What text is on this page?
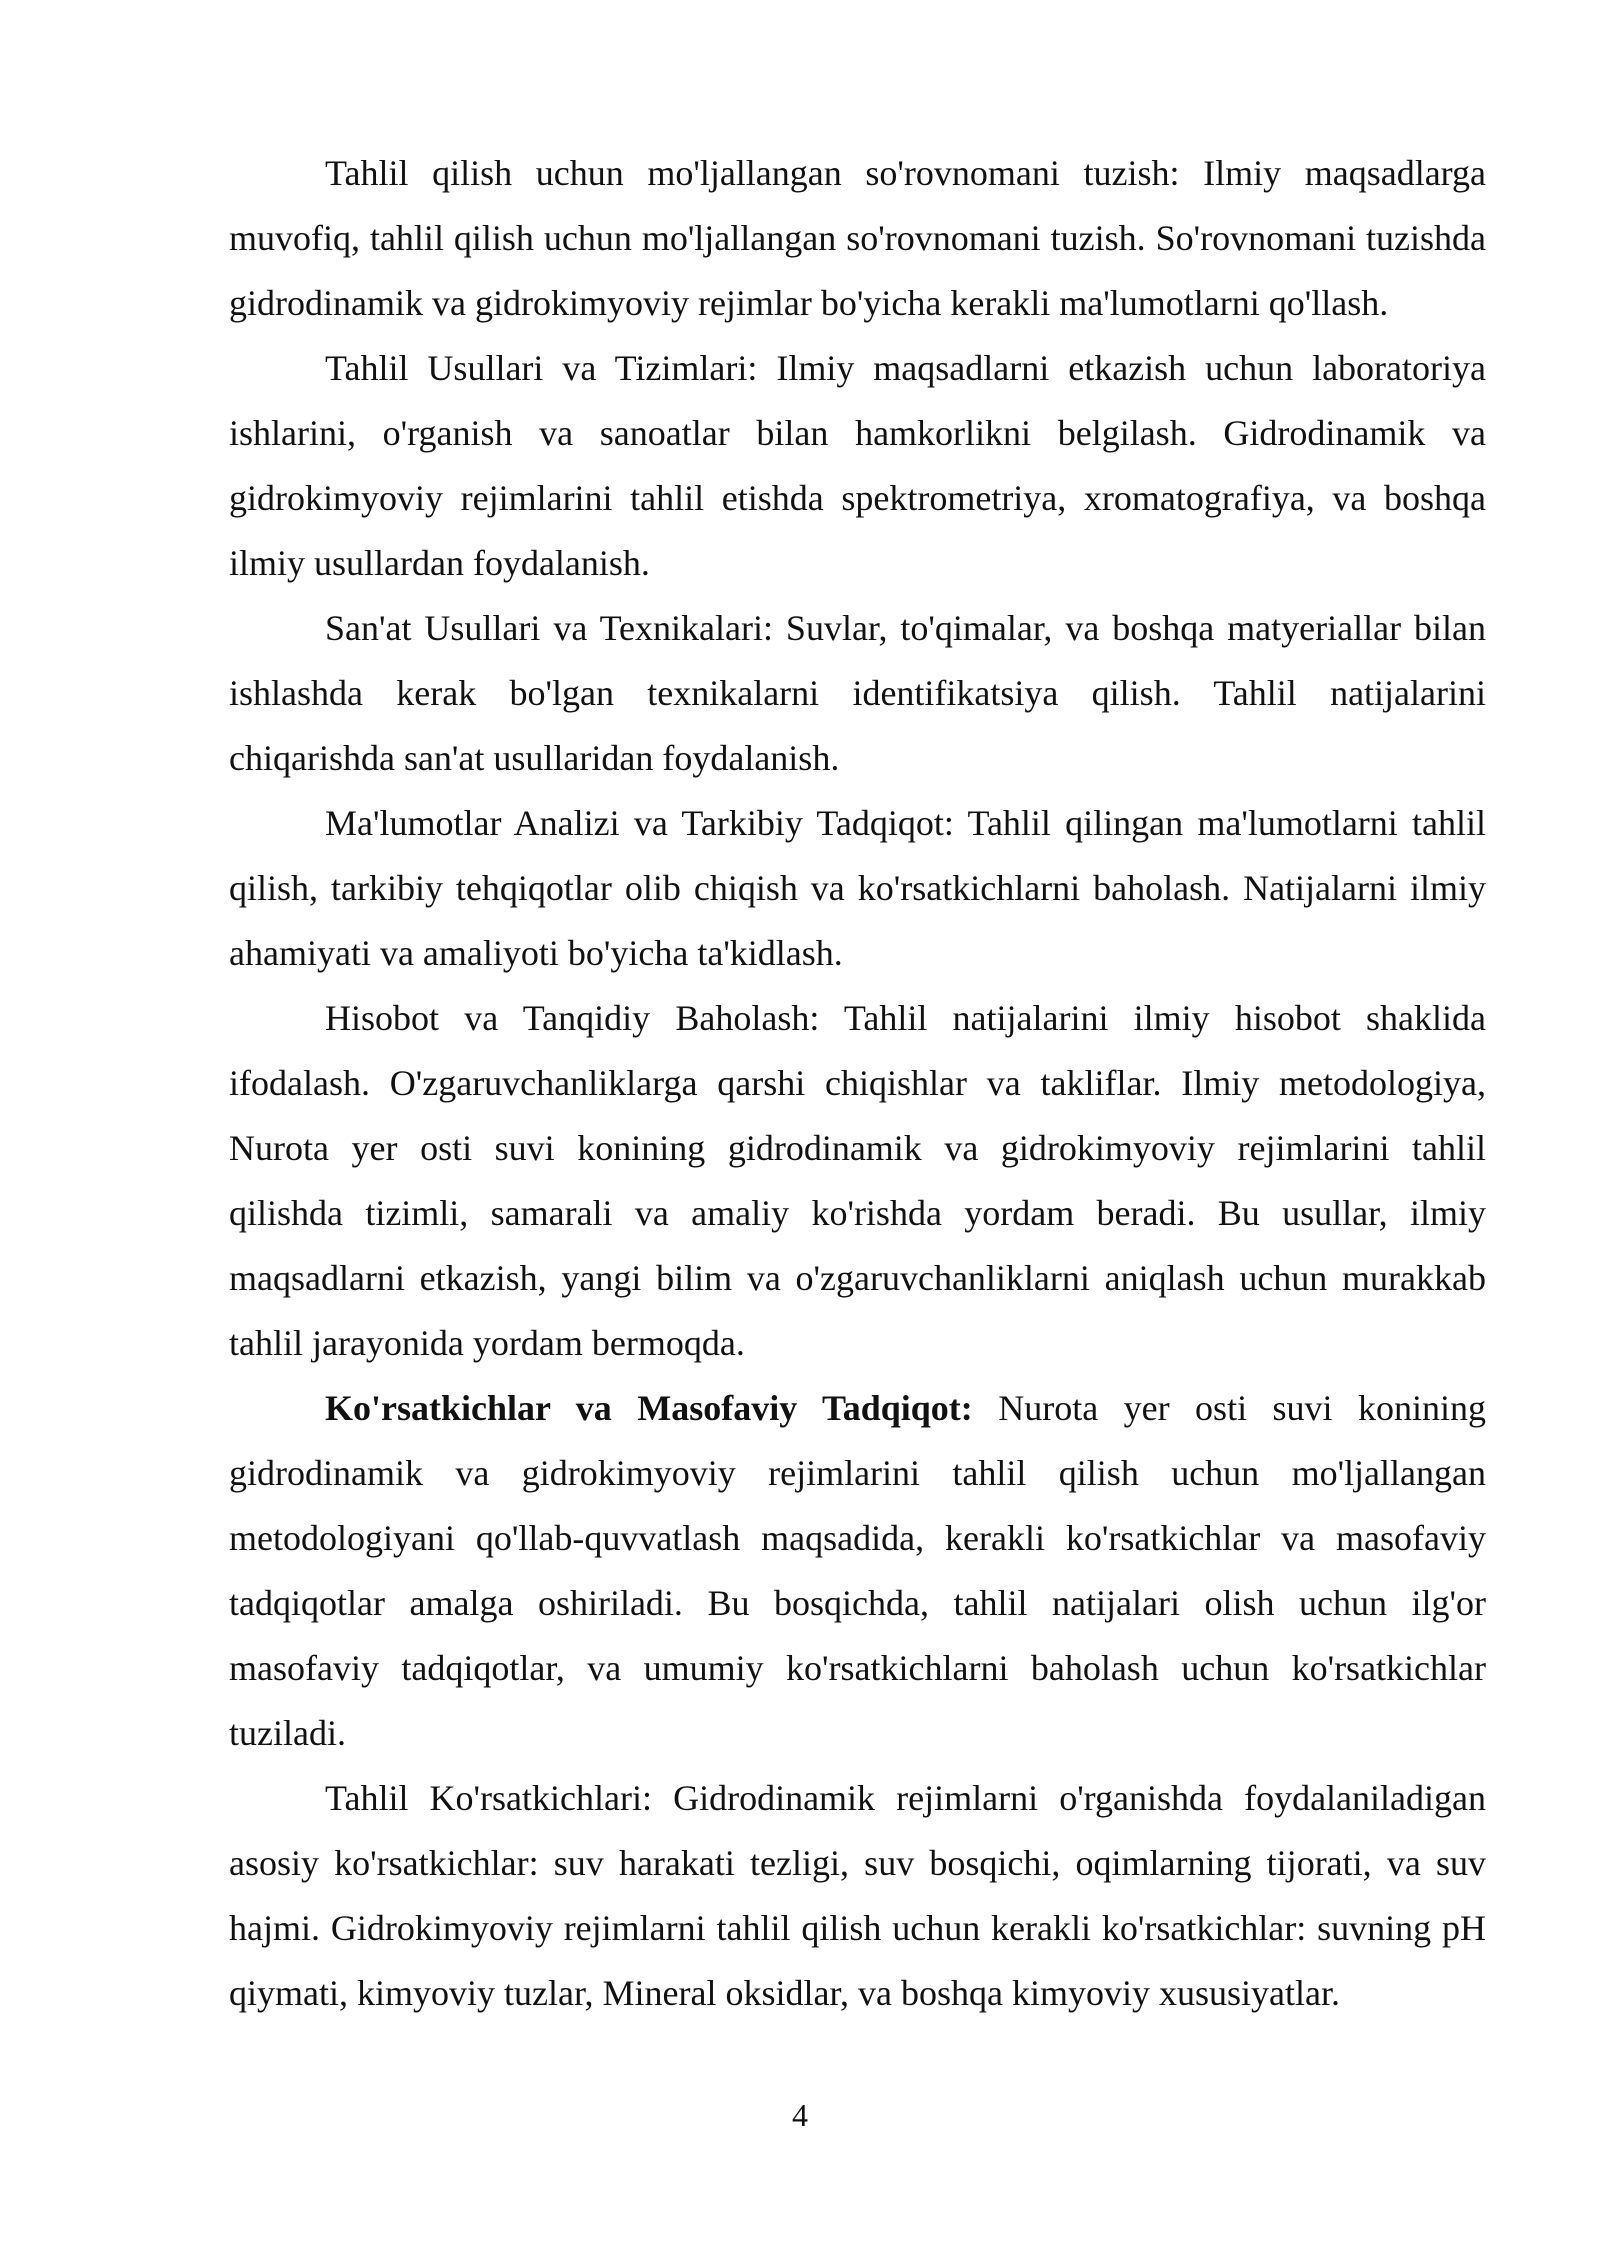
Tahlil qilish uchun mo'ljallangan so'rovnomani tuzish: Ilmiy maqsadlarga muvofiq, tahlil qilish uchun mo'ljallangan so'rovnomani tuzish. So'rovnomani tuzishda gidrodinamik va gidrokimyoviy rejimlar bo'yicha kerakli ma'lumotlarni qo'llash.

Tahlil Usullari va Tizimlari: Ilmiy maqsadlarni etkazish uchun laboratoriya ishlarini, o'rganish va sanoatlar bilan hamkorlikni belgilash. Gidrodinamik va gidrokimyoviy rejimlarini tahlil etishda spektrometriya, xromatografiya, va boshqa ilmiy usullardan foydalanish.

San'at Usullari va Texnikalari: Suvlar, to'qimalar, va boshqa matyeriallar bilan ishlashda kerak bo'lgan texnikalarni identifikatsiya qilish. Tahlil natijalarini chiqarishda san'at usullaridan foydalanish.

Ma'lumotlar Analizi va Tarkibiy Tadqiqot: Tahlil qilingan ma'lumotlarni tahlil qilish, tarkibiy tehqiqotlar olib chiqish va ko'rsatkichlarni baholash. Natijalarni ilmiy ahamiyati va amaliyoti bo'yicha ta'kidlash.

Hisobot va Tanqidiy Baholash: Tahlil natijalarini ilmiy hisobot shaklida ifodalash. O'zgaruvchanliklarga qarshi chiqishlar va takliflar. Ilmiy metodologiya, Nurota yer osti suvi konining gidrodinamik va gidrokimyoviy rejimlarini tahlil qilishda tizimli, samarali va amaliy ko'rishda yordam beradi. Bu usullar, ilmiy maqsadlarni etkazish, yangi bilim va o'zgaruvchanliklarni aniqlash uchun murakkab tahlil jarayonida yordam bermoqda.

Ko'rsatkichlar va Masofaviy Tadqiqot: Nurota yer osti suvi konining gidrodinamik va gidrokimyoviy rejimlarini tahlil qilish uchun mo'ljallangan metodologiyani qo'llab-quvvatlash maqsadida, kerakli ko'rsatkichlar va masofaviy tadqiqotlar amalga oshiriladi. Bu bosqichda, tahlil natijalari olish uchun ilg'or masofaviy tadqiqotlar, va umumiy ko'rsatkichlarni baholash uchun ko'rsatkichlar tuziladi.

Tahlil Ko'rsatkichlari: Gidrodinamik rejimlarni o'rganishda foydalaniladigan asosiy ko'rsatkichlar: suv harakati tezligi, suv bosqichi, oqimlarning tijorati, va suv hajmi. Gidrokimyoviy rejimlarni tahlil qilish uchun kerakli ko'rsatkichlar: suvning pH qiymati, kimyoviy tuzlar, Mineral oksidlar, va boshqa kimyoviy xususiyatlar.

4
